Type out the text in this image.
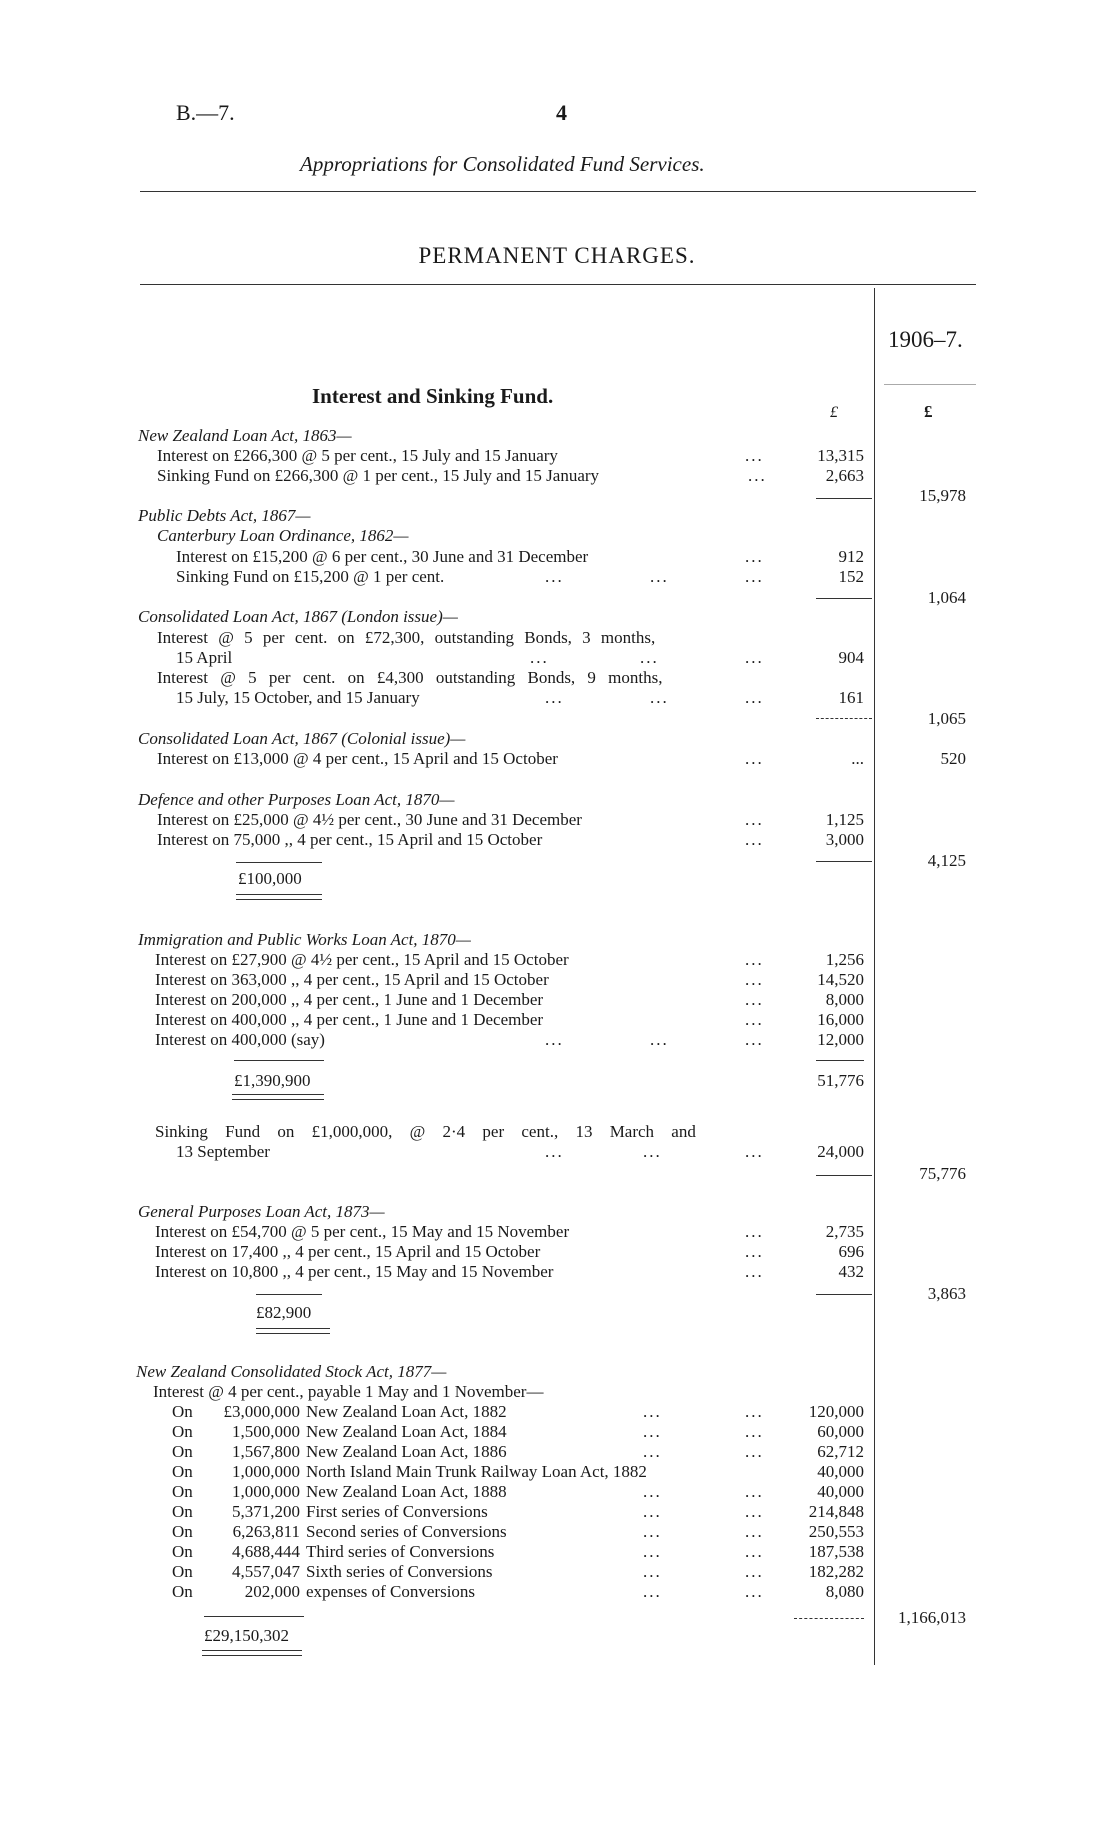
B.—7.	4
Appropriations for Consolidated Fund Services.
PERMANENT CHARGES.
1906–7.
Interest and Sinking Fund.
£	£
New Zealand Loan Act, 1863—
Interest on £266,300 @ 5 per cent., 15 July and 15 January	...	13,315
Sinking Fund on £266,300 @ 1 per cent., 15 July and 15 January	...	2,663
15,978
Public Debts Act, 1867—
Canterbury Loan Ordinance, 1862—
Interest on £15,200 @ 6 per cent., 30 June and 31 December	...	912
Sinking Fund on £15,200 @ 1 per cent.	...	...	...	152
1,064
Consolidated Loan Act, 1867 (London issue)—
Interest @ 5 per cent. on £72,300, outstanding Bonds, 3 months,
15 April	...	...	...	904
Interest @ 5 per cent. on £4,300 outstanding Bonds, 9 months,
15 July, 15 October, and 15 January	...	...	...	161
1,065
Consolidated Loan Act, 1867 (Colonial issue)—
Interest on £13,000 @ 4 per cent., 15 April and 15 October	...	...	520
Defence and other Purposes Loan Act, 1870—
Interest on £25,000 @ 4½ per cent., 30 June and 31 December	...	1,125
Interest on 75,000 ,, 4 per cent., 15 April and 15 October	...	3,000
£100,000
4,125
Immigration and Public Works Loan Act, 1870—
Interest on £27,900 @ 4½ per cent., 15 April and 15 October	...	1,256
Interest on 363,000 ,, 4 per cent., 15 April and 15 October	...	14,520
Interest on 200,000 ,, 4 per cent., 1 June and 1 December	...	8,000
Interest on 400,000 ,, 4 per cent., 1 June and 1 December	...	16,000
Interest on 400,000 (say)	...	...	...	12,000
£1,390,900	51,776
Sinking Fund on £1,000,000, @ 2·4 per cent., 13 March and
13 September	...	...	...	24,000
75,776
General Purposes Loan Act, 1873—
Interest on £54,700 @ 5 per cent., 15 May and 15 November	...	2,735
Interest on 17,400 ,, 4 per cent., 15 April and 15 October	...	696
Interest on 10,800 ,, 4 per cent., 15 May and 15 November	...	432
£82,900
3,863
New Zealand Consolidated Stock Act, 1877—
Interest @ 4 per cent., payable 1 May and 1 November—
On	£3,000,000 New Zealand Loan Act, 1882	...	...	120,000
On	1,500,000 New Zealand Loan Act, 1884	...	...	60,000
On	1,567,800 New Zealand Loan Act, 1886	...	...	62,712
On	1,000,000 North Island Main Trunk Railway Loan Act, 1882	40,000
On	1,000,000 New Zealand Loan Act, 1888	...	...	40,000
On	5,371,200 First series of Conversions	...	...	214,848
On	6,263,811 Second series of Conversions	...	...	250,553
On	4,688,444 Third series of Conversions	...	...	187,538
On	4,557,047 Sixth series of Conversions	...	...	182,282
On	202,000 expenses of Conversions	...	...	8,080
£29,150,302
1,166,013
